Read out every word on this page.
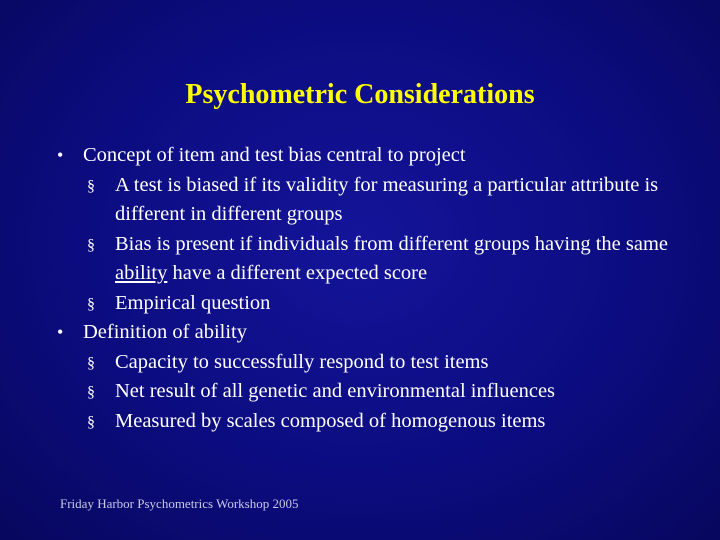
Psychometric Considerations
• Concept of item and test bias central to project
§ A test is biased if its validity for measuring a particular attribute is different in different groups
§ Bias is present if individuals from different groups having the same ability have a different expected score
§ Empirical question
• Definition of ability
§ Capacity to successfully respond to test items
§ Net result of all genetic and environmental influences
§ Measured by scales composed of homogenous items
Friday Harbor Psychometrics Workshop 2005
